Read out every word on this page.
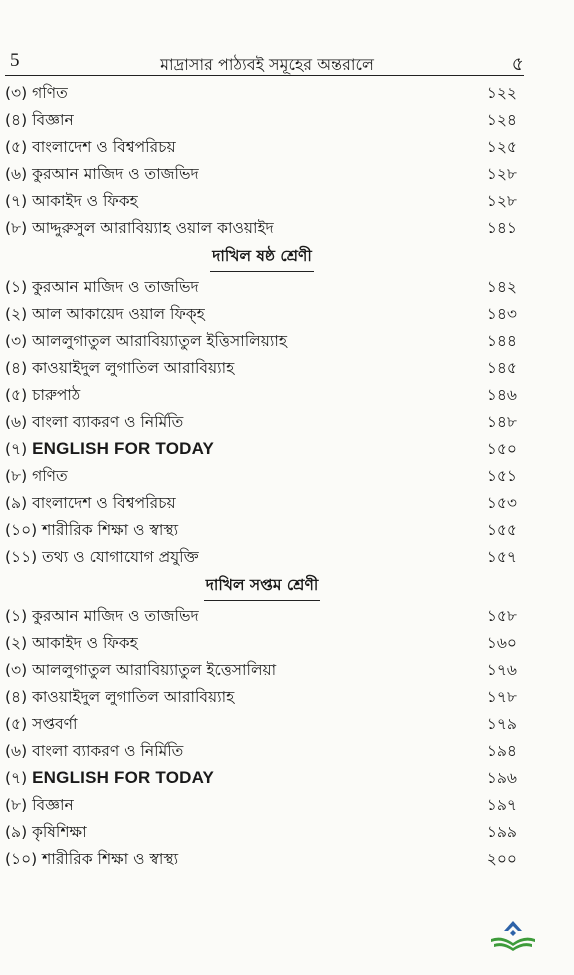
5	মাদ্রাসার পাঠ্যবই সমূহের অন্তরালে	৫
(৩) গণিত	১২২
(৪) বিজ্ঞান	১২৪
(৫) বাংলাদেশ ও বিশ্বপরিচয়	১২৫
(৬) কুরআন মাজিদ ও তাজভিদ	১২৮
(৭) আকাইদ ও ফিকহ	১২৮
(৮) আদ্দুরুসুল আরাবিয়্যাহ ওয়াল কাওয়াইদ	১৪১
দাখিল ষষ্ঠ শ্রেণী
(১) কুরআন মাজিদ ও তাজভিদ	১৪২
(২) আল আকায়েদ ওয়াল ফিক্হ	১৪৩
(৩) আললুগাতুল আরাবিয়্যাতুল ইত্তিসালিয়্যাহ	১৪৪
(৪) কাওয়াইদুল লুগাতিল আরাবিয়্যাহ	১৪৫
(৫) চারুপাঠ	১৪৬
(৬) বাংলা ব্যাকরণ ও নির্মিতি	১৪৮
(৭) ENGLISH FOR TODAY	১৫০
(৮) গণিত	১৫১
(৯) বাংলাদেশ ও বিশ্বপরিচয়	১৫৩
(১০) শারীরিক শিক্ষা ও স্বাস্থ্য	১৫৫
(১১) তথ্য ও যোগাযোগ প্রযুক্তি	১৫৭
দাখিল সপ্তম শ্রেণী
(১) কুরআন মাজিদ ও তাজভিদ	১৫৮
(২) আকাইদ ও ফিকহ	১৬০
(৩) আললুগাতুল আরাবিয়্যাতুল ইত্তেসালিয়া	১৭৬
(৪) কাওয়াইদুল লুগাতিল আরাবিয়্যাহ	১৭৮
(৫) সপ্তবর্ণা	১৭৯
(৬) বাংলা ব্যাকরণ ও নির্মিতি	১৯৪
(৭) ENGLISH FOR TODAY	১৯৬
(৮) বিজ্ঞান	১৯৭
(৯) কৃষিশিক্ষা	১৯৯
(১০) শারীরিক শিক্ষা ও স্বাস্থ্য	২০০
